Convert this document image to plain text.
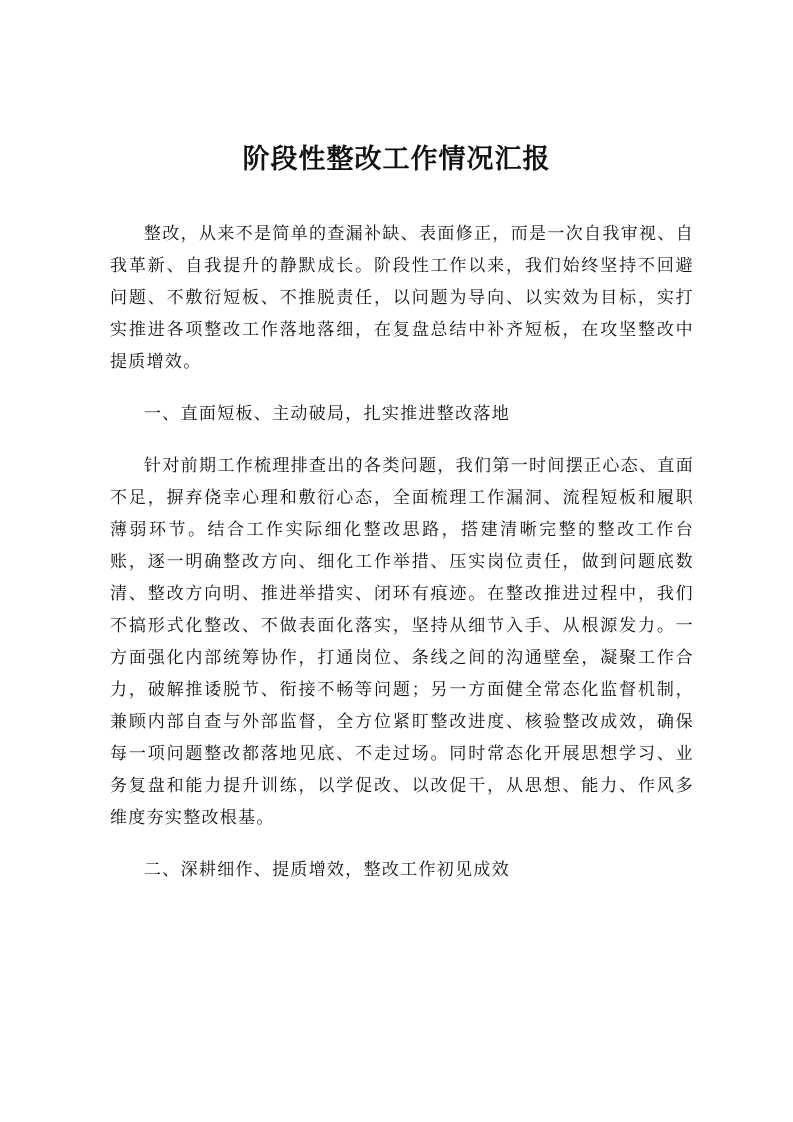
阶段性整改工作情况汇报

整改，从来不是简单的查漏补缺、表面修正，而是一次自我审视、自我革新、自我提升的静默成长。阶段性工作以来，我们始终坚持不回避问题、不敷衍短板、不推脱责任，以问题为导向、以实效为目标，实打实推进各项整改工作落地落细，在复盘总结中补齐短板，在攻坚整改中提质增效。

一、直面短板、主动破局，扎实推进整改落地

针对前期工作梳理排查出的各类问题，我们第一时间摆正心态、直面不足，摒弃侥幸心理和敷衍心态，全面梳理工作漏洞、流程短板和履职薄弱环节。结合工作实际细化整改思路，搭建清晰完整的整改工作台账，逐一明确整改方向、细化工作举措、压实岗位责任，做到问题底数清、整改方向明、推进举措实、闭环有痕迹。在整改推进过程中，我们不搞形式化整改、不做表面化落实，坚持从细节入手、从根源发力。一方面强化内部统筹协作，打通岗位、条线之间的沟通壁垒，凝聚工作合力，破解推诿脱节、衔接不畅等问题；另一方面健全常态化监督机制，兼顾内部自查与外部监督，全方位紧盯整改进度、核验整改成效，确保每一项问题整改都落地见底、不走过场。同时常态化开展思想学习、业务复盘和能力提升训练，以学促改、以改促干，从思想、能力、作风多维度夯实整改根基。

二、深耕细作、提质增效，整改工作初见成效
